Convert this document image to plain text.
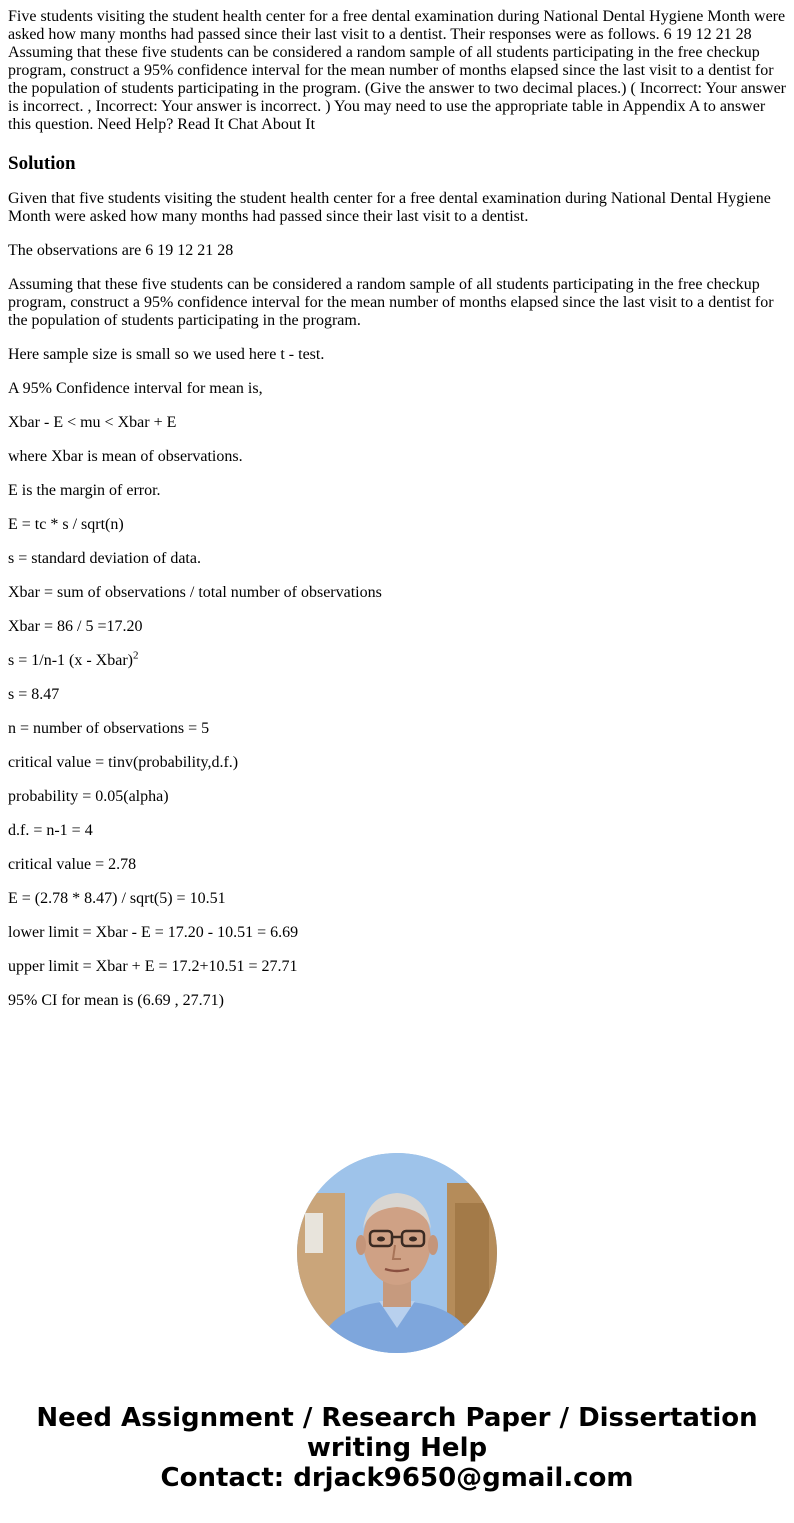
Five students visiting the student health center for a free dental examination during National Dental Hygiene Month were asked how many months had passed since their last visit to a dentist. Their responses were as follows. 6 19 12 21 28 Assuming that these five students can be considered a random sample of all students participating in the free checkup program, construct a 95% confidence interval for the mean number of months elapsed since the last visit to a dentist for the population of students participating in the program. (Give the answer to two decimal places.) ( Incorrect: Your answer is incorrect. , Incorrect: Your answer is incorrect. ) You may need to use the appropriate table in Appendix A to answer this question. Need Help? Read It Chat About It
Solution

Given that five students visiting the student health center for a free dental examination during National Dental Hygiene Month were asked how many months had passed since their last visit to a dentist.

The observations are 6 19 12 21 28

Assuming that these five students can be considered a random sample of all students participating in the free checkup program, construct a 95% confidence interval for the mean number of months elapsed since the last visit to a dentist for the population of students participating in the program.

Here sample size is small so we used here t - test.

A 95% Confidence interval for mean is,

Xbar - E < mu < Xbar + E

where Xbar is mean of observations.

E is the margin of error.

E = tc * s / sqrt(n)

s = standard deviation of data.

Xbar = sum of observations / total number of observations

Xbar = 86 / 5 =17.20

s = 1/n-1 (x - Xbar)$^2$

s = 8.47

n = number of observations = 5

critical value = tinv(probability,d.f.)

probability = 0.05(alpha)

d.f. = n-1 = 4

critical value = 2.78

E = (2.78 * 8.47) / sqrt(5) = 10.51

lower limit = Xbar - E = 17.20 - 10.51 = 6.69

upper limit = Xbar + E = 17.2+10.51 = 27.71

95% CI for mean is (6.69 , 27.71)

Need Assignment / Research Paper / Dissertation
writing Help
Contact: drjack9650@gmail.com
